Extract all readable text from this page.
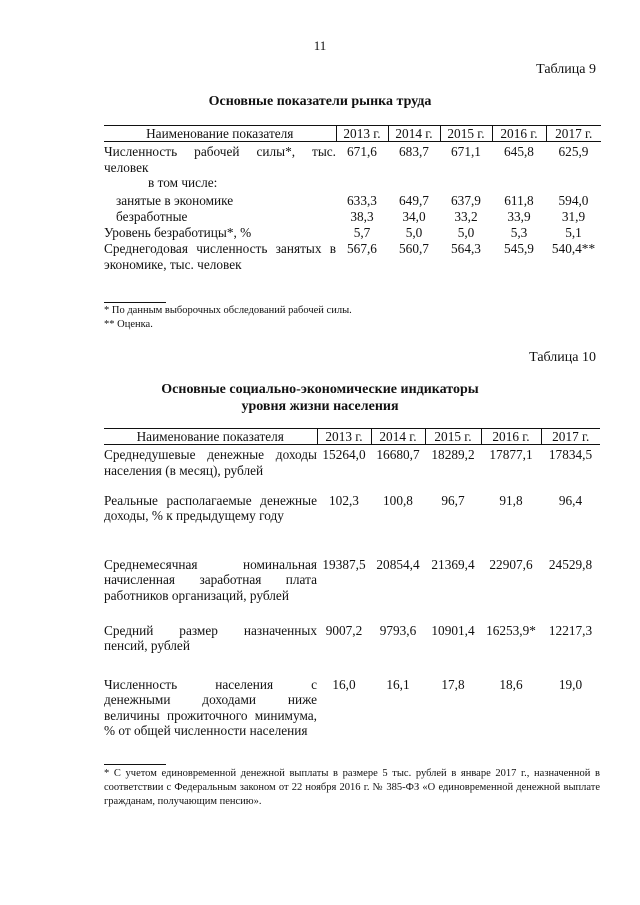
11
Таблица 9
Основные показатели рынка труда
Наименование показателя	2013 г.	2014 г.	2015 г.	2016 г.	2017 г.
Численность рабочей силы*, тыс. человек	671,6	683,7	671,1	645,8	625,9
в том числе:					
занятые в экономике	633,3	649,7	637,9	611,8	594,0
безработные	38,3	34,0	33,2	33,9	31,9
Уровень безработицы*, %	5,7	5,0	5,0	5,3	5,1
Среднегодовая численность занятых в экономике, тыс. человек	567,6	560,7	564,3	545,9	540,4**
* По данным выборочных обследований рабочей силы.
** Оценка.
Таблица 10
Основные социально-экономические индикаторы
уровня жизни населения
Наименование показателя	2013 г.	2014 г.	2015 г.	2016 г.	2017 г.
Среднедушевые денежные доходы населения (в месяц), рублей	15264,0	16680,7	18289,2	17877,1	17834,5
Реальные располагаемые денежные доходы, % к предыдущему году	102,3	100,8	96,7	91,8	96,4
Среднемесячная номинальная начисленная заработная плата работников организаций, рублей	19387,5	20854,4	21369,4	22907,6	24529,8
Средний размер назначенных пенсий, рублей	9007,2	9793,6	10901,4	16253,9*	12217,3
Численность населения с денежными доходами ниже величины прожиточного минимума, % от общей численности населения	16,0	16,1	17,8	18,6	19,0
* С учетом единовременной денежной выплаты в размере 5 тыс. рублей в январе 2017 г., назначенной в соответствии с Федеральным законом от 22 ноября 2016 г. № 385-ФЗ «О единовременной денежной выплате гражданам, получающим пенсию».
